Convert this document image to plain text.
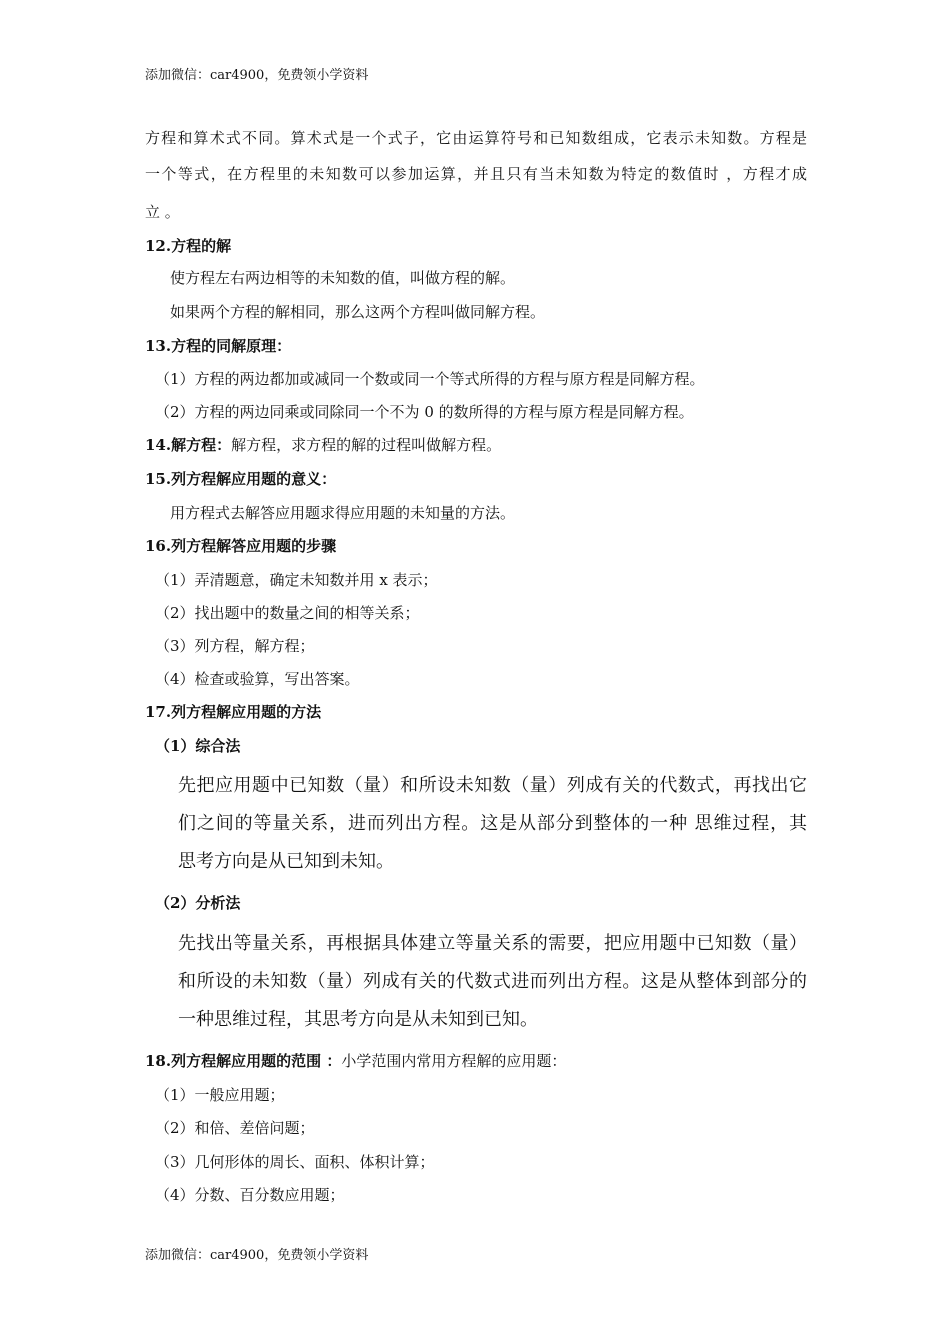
添加微信：car4900，免费领小学资料
方程和算术式不同。算术式是一个式子，它由运算符号和已知数组成，它表示未知数。方程是
一个等式，在方程里的未知数可以参加运算，并且只有当未知数为特定的数值时 ，方程才成
立 。
12.方程的解
使方程左右两边相等的未知数的值，叫做方程的解。
如果两个方程的解相同，那么这两个方程叫做同解方程。
13.方程的同解原理：
（1）方程的两边都加或减同一个数或同一个等式所得的方程与原方程是同解方程。
（2）方程的两边同乘或同除同一个不为 0 的数所得的方程与原方程是同解方程。
14.解方程：解方程，求方程的解的过程叫做解方程。
15.列方程解应用题的意义：
用方程式去解答应用题求得应用题的未知量的方法。
16.列方程解答应用题的步骤
（1）弄清题意，确定未知数并用 x 表示；
（2）找出题中的数量之间的相等关系；
（3）列方程，解方程；
（4）检查或验算，写出答案。
17.列方程解应用题的方法
（1）综合法
先把应用题中已知数（量）和所设未知数（量）列成有关的代数式，再找出它
们之间的等量关系，进而列出方程。这是从部分到整体的一种 思维过程，其
思考方向是从已知到未知。
（2）分析法
先找出等量关系，再根据具体建立等量关系的需要，把应用题中已知数（量）
和所设的未知数（量）列成有关的代数式进而列出方程。这是从整体到部分的
一种思维过程，其思考方向是从未知到已知。
18.列方程解应用题的范围 ：小学范围内常用方程解的应用题：
（1）一般应用题；
（2）和倍、差倍问题；
（3）几何形体的周长、面积、体积计算；
（4）分数、百分数应用题；
添加微信：car4900，免费领小学资料
